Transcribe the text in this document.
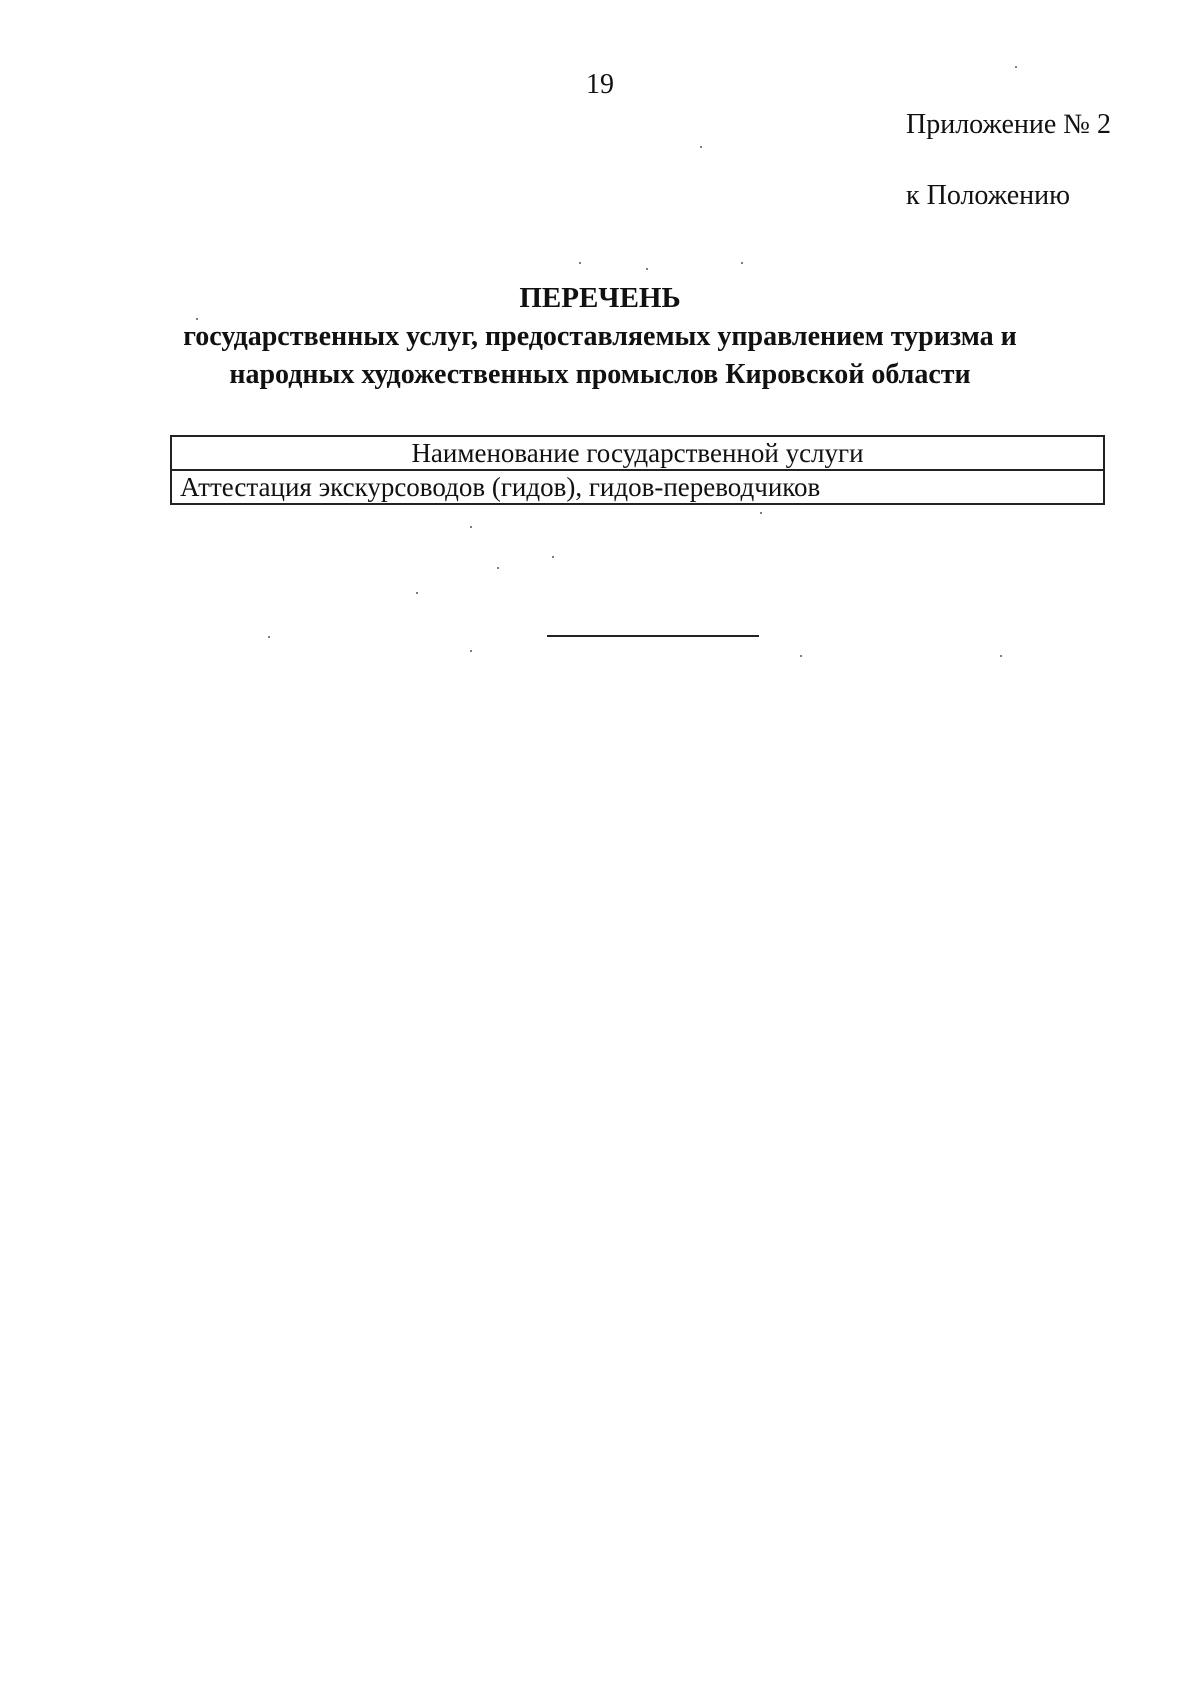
19
Приложение № 2
к Положению
ПЕРЕЧЕНЬ
государственных услуг, предоставляемых управлением туризма и
народных художественных промыслов Кировской области
Наименование государственной услуги
Аттестация экскурсоводов (гидов), гидов-переводчиков
